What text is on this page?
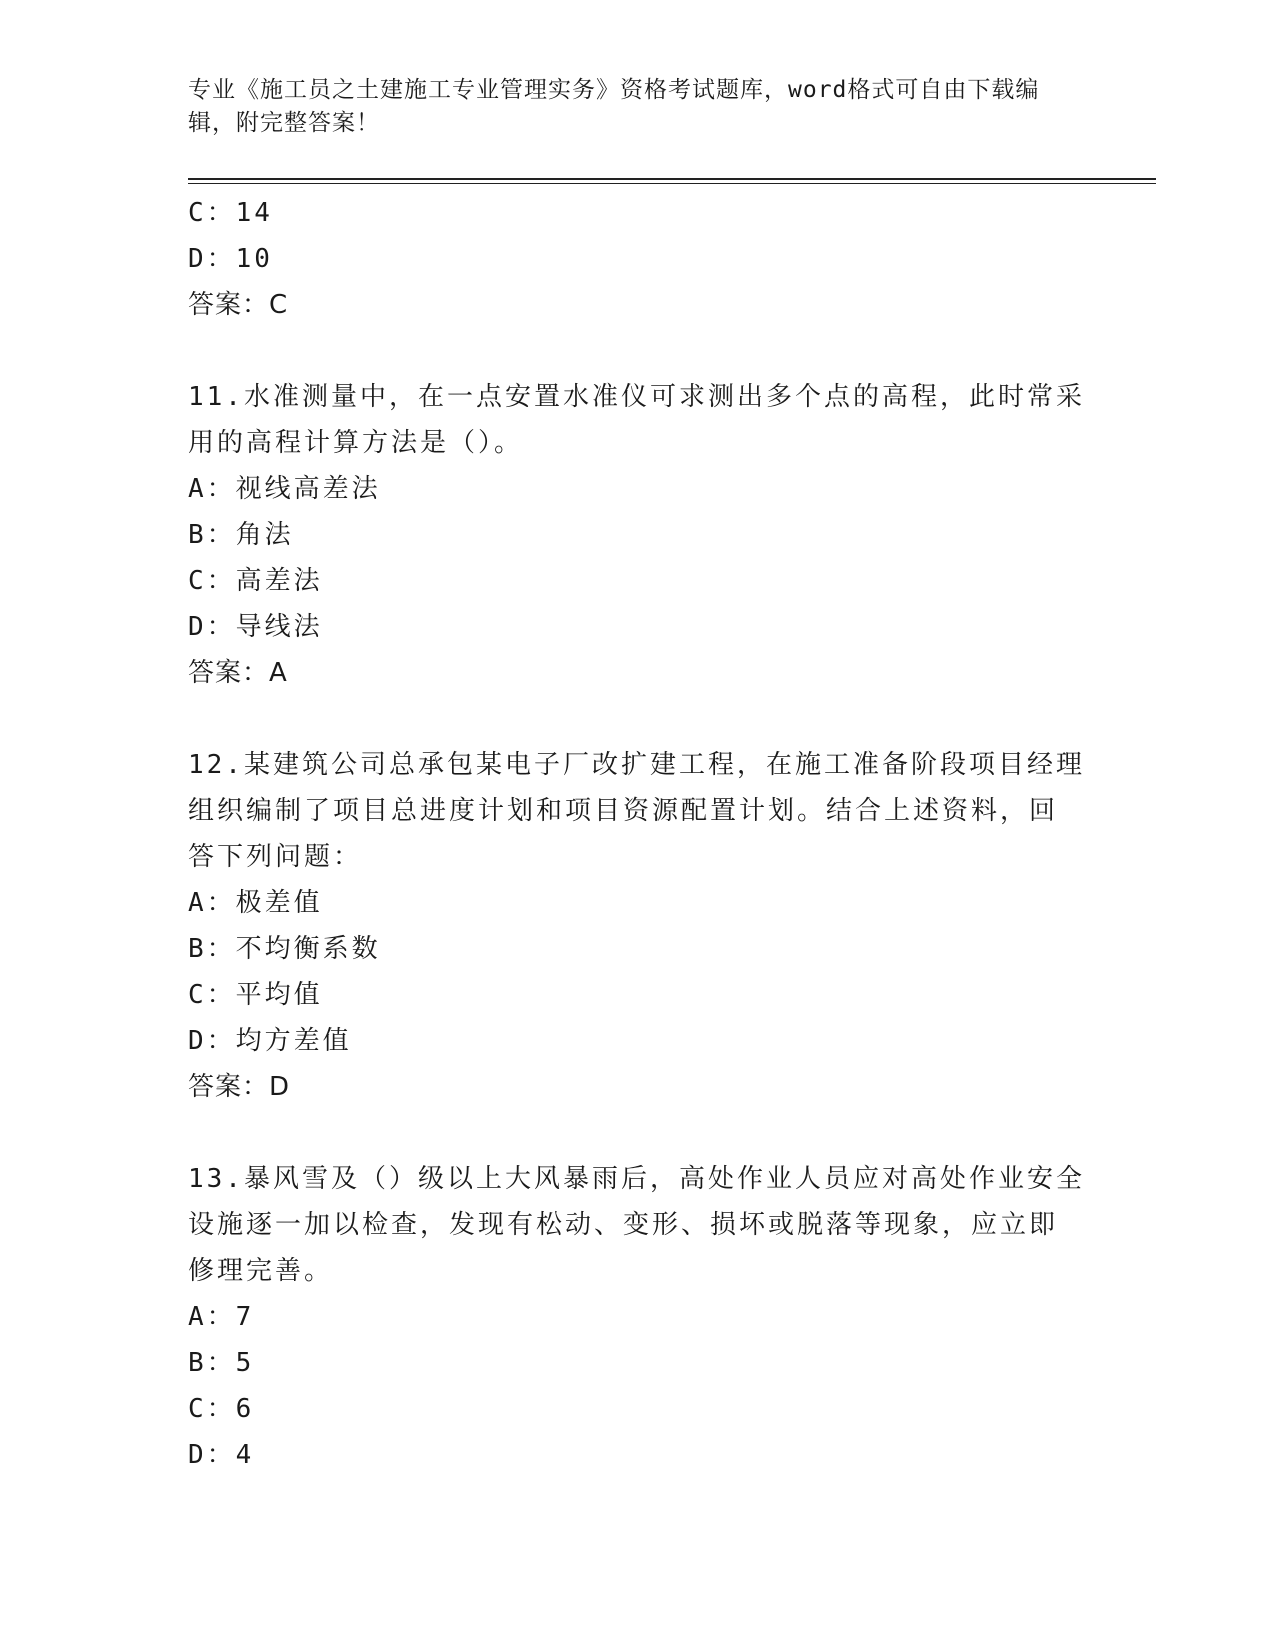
专业《施工员之土建施工专业管理实务》资格考试题库，word格式可自由下载编
辑，附完整答案！

C：14

D：10

答案：C

11.水准测量中，在一点安置水准仪可求测出多个点的高程，此时常采

用的高程计算方法是（）。

A：视线高差法

B：角法

C：高差法

D：导线法

答案：A

12.某建筑公司总承包某电子厂改扩建工程，在施工准备阶段项目经理

组织编制了项目总进度计划和项目资源配置计划。结合上述资料，回

答下列问题：

A：极差值

B：不均衡系数

C：平均值

D：均方差值

答案：D

13.暴风雪及（）级以上大风暴雨后，高处作业人员应对高处作业安全

设施逐一加以检查，发现有松动、变形、损坏或脱落等现象，应立即

修理完善。

A：7

B：5

C：6

D：4
